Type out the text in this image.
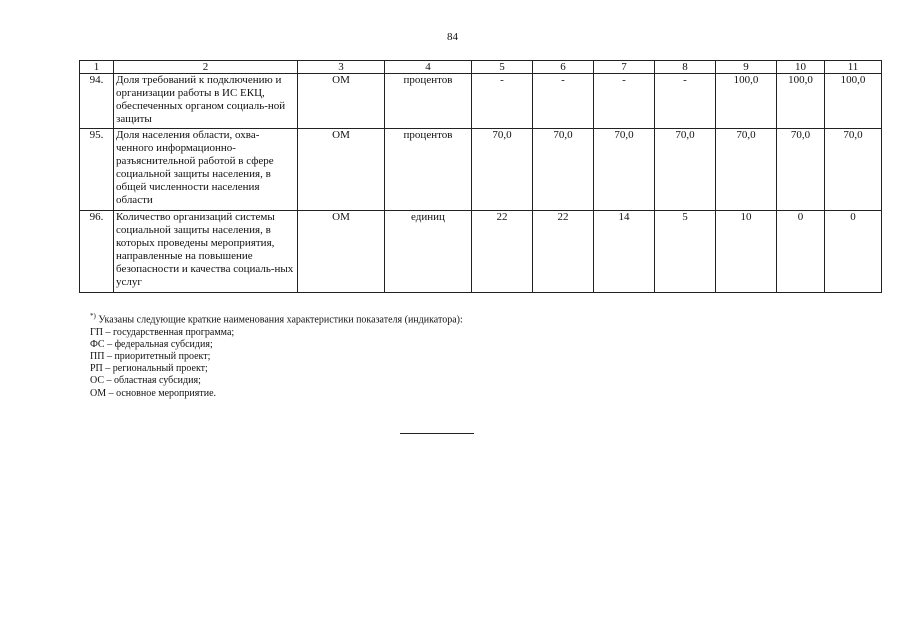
84
1	2	3	4	5	6	7	8	9	10	11
94.	Доля требований к подключению и организации работы в ИС ЕКЦ, обеспеченных органом социаль-ной защиты	ОМ	процентов	-	-	-	-	100,0	100,0	100,0
95.	Доля населения области, охва-ченного информационно-разъяснительной работой в сфере социальной защиты населения, в общей численности населения области	ОМ	процентов	70,0	70,0	70,0	70,0	70,0	70,0	70,0
96.	Количество организаций системы социальной защиты населения, в которых проведены мероприятия, направленные на повышение безопасности и качества социаль-ных услуг	ОМ	единиц	22	22	14	5	10	0	0
*) Указаны следующие краткие наименования характеристики показателя (индикатора):
ГП – государственная программа;
ФС – федеральная субсидия;
ПП – приоритетный проект;
РП – региональный проект;
ОС – областная субсидия;
ОМ – основное мероприятие.
